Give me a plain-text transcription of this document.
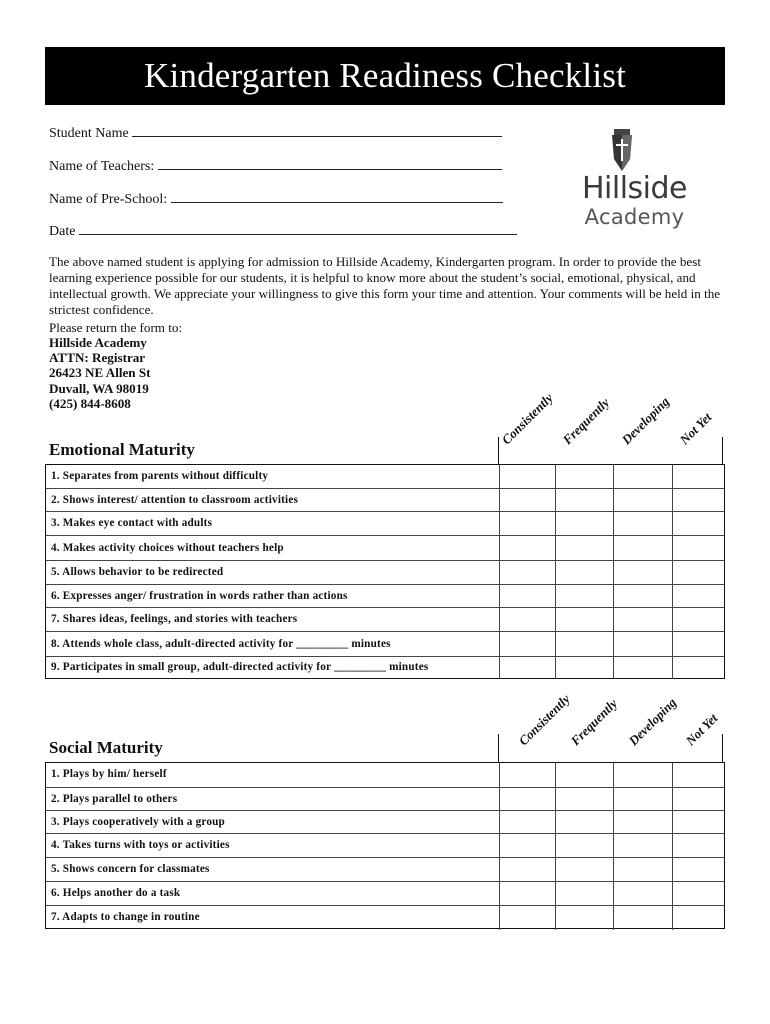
Kindergarten Readiness Checklist
Student Name
Name of Teachers:
Name of Pre-School:
Date
Hillside
Academy
The above named student is applying for admission to Hillside Academy, Kindergarten program. In order to provide the best learning experience possible for our students, it is helpful to know more about the student’s social, emotional, physical, and intellectual growth. We appreciate your willingness to give this form your time and attention. Your comments will be held in the strictest confidence.
Please return the form to:
Hillside Academy
ATTN: Registrar
26423 NE Allen St
Duvall, WA 98019
(425) 844-8608
Emotional Maturity
Consistently Frequently Developing Not Yet
1. Separates from parents without difficulty
2. Shows interest/ attention to classroom activities
3. Makes eye contact with adults
4. Makes activity choices without teachers help
5. Allows behavior to be redirected
6. Expresses anger/ frustration in words rather than actions
7. Shares ideas, feelings, and stories with teachers
8. Attends whole class, adult-directed activity for _________ minutes
9. Participates in small group, adult-directed activity for _________ minutes
Social Maturity	Consistently
Frequently Developing Not Yet
1. Plays by him/ herself
2. Plays parallel to others
3. Plays cooperatively with a group
4. Takes turns with toys or activities
5. Shows concern for classmates
6. Helps another do a task
7. Adapts to change in routine
